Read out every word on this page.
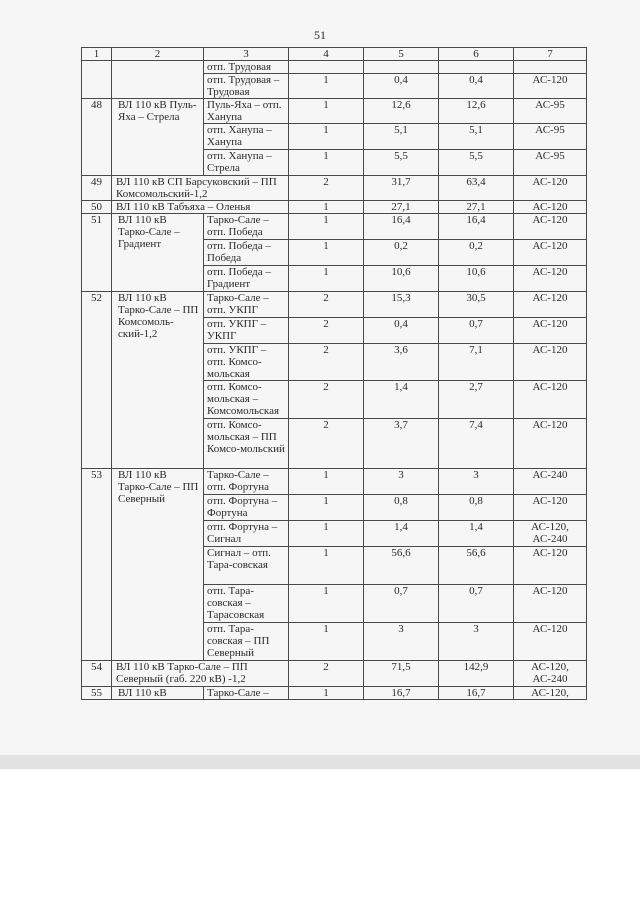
51
1	2	3	4	5	6	7
		отп. Трудовая				
		отп. Трудовая – Трудовая	1	0,4	0,4	АС-120
48	ВЛ 110 кВ Пуль-Яха – Стрела	Пуль-Яха – отп. Ханупа	1	12,6	12,6	АС-95
		отп. Ханупа – Ханупа	1	5,1	5,1	АС-95
		отп. Ханупа – Стрела	1	5,5	5,5	АС-95
49	ВЛ 110 кВ СП Барсуковский – ПП Комсомольский-1,2		2	31,7	63,4	АС-120
50	ВЛ 110 кВ Табъяха – Оленья		1	27,1	27,1	АС-120
51	ВЛ 110 кВ Тарко-Сале – Градиент	Тарко-Сале – отп. Победа	1	16,4	16,4	АС-120
		отп. Победа – Победа	1	0,2	0,2	АС-120
		отп. Победа – Градиент	1	10,6	10,6	АС-120
52	ВЛ 110 кВ Тарко-Сале – ПП Комсомоль-ский-1,2	Тарко-Сале – отп. УКПГ	2	15,3	30,5	АС-120
		отп. УКПГ – УКПГ	2	0,4	0,7	АС-120
		отп. УКПГ – отп. Комсо-мольская	2	3,6	7,1	АС-120
		отп. Комсо-мольская – Комсомольская	2	1,4	2,7	АС-120
		отп. Комсо-мольская – ПП Комсо-мольский	2	3,7	7,4	АС-120
53	ВЛ 110 кВ Тарко-Сале – ПП Северный	Тарко-Сале – отп. Фортуна	1	3	3	АС-240
		отп. Фортуна – Фортуна	1	0,8	0,8	АС-120
		отп. Фортуна – Сигнал	1	1,4	1,4	АС-120, АС-240
		Сигнал – отп. Тара-совская	1	56,6	56,6	АС-120
		отп. Тара-совская – Тарасовская	1	0,7	0,7	АС-120
		отп. Тара-совская – ПП Северный	1	3	3	АС-120
54	ВЛ 110 кВ Тарко-Сале – ПП Северный (габ. 220 кВ) -1,2		2	71,5	142,9	АС-120, АС-240
55	ВЛ 110 кВ	Тарко-Сале –	1	16,7	16,7	АС-120,
